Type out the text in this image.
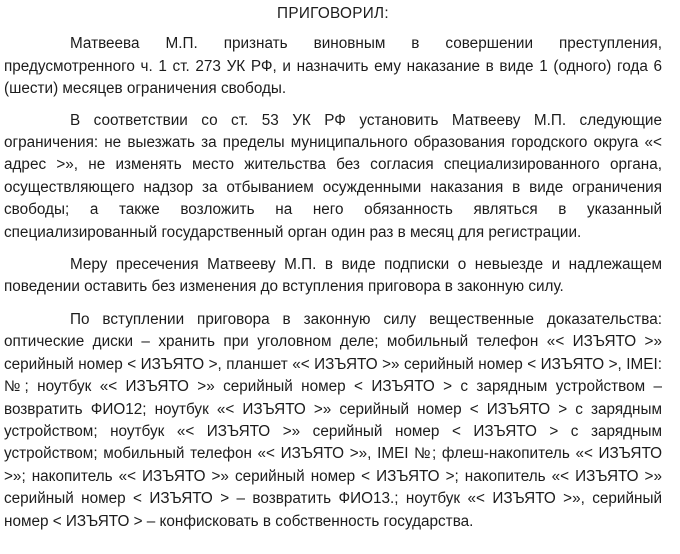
ПРИГОВОРИЛ:

Матвеева М.П. признать виновным в совершении преступления, предусмотренного ч. 1 ст. 273 УК РФ, и назначить ему наказание в виде 1 (одного) года 6 (шести) месяцев ограничения свободы.

В соответствии со ст. 53 УК РФ установить Матвееву М.П. следующие ограничения: не выезжать за пределы муниципального образования городского округа «< адрес >», не изменять место жительства без согласия специализированного органа, осуществляющего надзор за отбыванием осужденными наказания в виде ограничения свободы; а также возложить на него обязанность являться в указанный специализированный государственный орган один раз в месяц для регистрации.

Меру пресечения Матвееву М.П. в виде подписки о невыезде и надлежащем поведении оставить без изменения до вступления приговора в законную силу.

По вступлении приговора в законную силу вещественные доказательства: оптические диски – хранить при уголовном деле; мобильный телефон «< ИЗЪЯТО >» серийный номер < ИЗЪЯТО >, планшет «< ИЗЪЯТО >» серийный номер < ИЗЪЯТО >, IMEI: №; ноутбук «< ИЗЪЯТО >» серийный номер < ИЗЪЯТО > с зарядным устройством – возвратить ФИО12; ноутбук «< ИЗЪЯТО >» серийный номер < ИЗЪЯТО > с зарядным устройством; ноутбук «< ИЗЪЯТО >» серийный номер < ИЗЪЯТО > с зарядным устройством; мобильный телефон «< ИЗЪЯТО >», IMEI №; флеш-накопитель «< ИЗЪЯТО >»; накопитель «< ИЗЪЯТО >» серийный номер < ИЗЪЯТО >; накопитель «< ИЗЪЯТО >» серийный номер < ИЗЪЯТО > – возвратить ФИО13.; ноутбук «< ИЗЪЯТО >», серийный номер < ИЗЪЯТО > – конфисковать в собственность государства.
